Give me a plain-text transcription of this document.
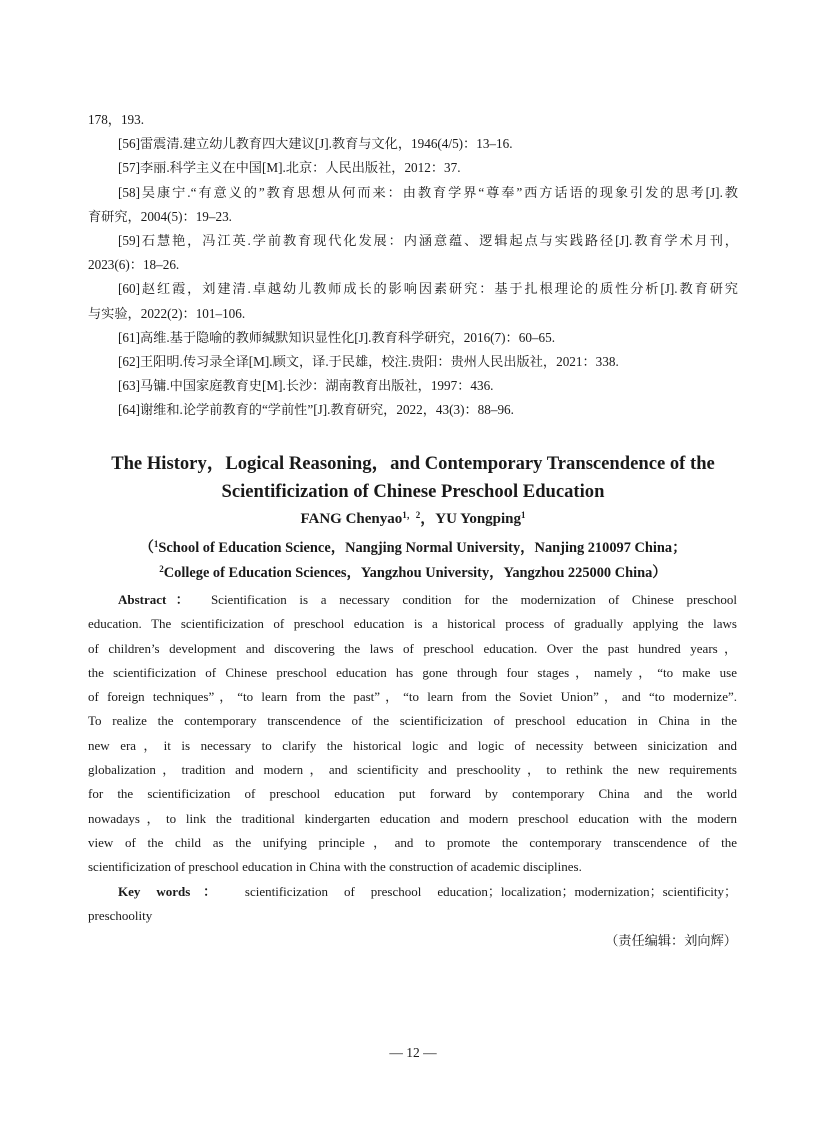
178，193.
[56]雷震清.建立幼儿教育四大建议[J].教育与文化，1946(4/5)：13–16.
[57]李丽.科学主义在中国[M].北京：人民出版社，2012：37.
[58]吴康宁.“有意义的”教育思想从何而来：由教育学界“尊奉”西方话语的现象引发的思考[J].教
育研究，2004(5)：19–23.
[59]石慧艳，冯江英.学前教育现代化发展：内涵意蕴、逻辑起点与实践路径[J].教育学术月刊，
2023(6)：18–26.
[60]赵红霞，刘建清.卓越幼儿教师成长的影响因素研究：基于扎根理论的质性分析[J].教育研究
与实验，2022(2)：101–106.
[61]高维.基于隐喻的教师缄默知识显性化[J].教育科学研究，2016(7)：60–65.
[62]王阳明.传习录全译[M].顾文，译.于民雄，校注.贵阳：贵州人民出版社，2021：338.
[63]马镛.中国家庭教育史[M].长沙：湖南教育出版社，1997：436.
[64]谢维和.论学前教育的“学前性”[J].教育研究，2022，43(3)：88–96.
The History，Logical Reasoning，and Contemporary Transcendence of the
Scientificization of Chinese Preschool Education
FANG Chenyao$^{1,2}$，YU Yongping$^1$
（$^1$School of Education Science，Nangjing Normal University，Nanjing 210097 China；
$^2$College of Education Sciences，Yangzhou University，Yangzhou 225000 China）
Abstract： Scientification is a necessary condition for the modernization of Chinese preschool
education. The scientificization of preschool education is a historical process of gradually applying the laws
of children’s development and discovering the laws of preschool education. Over the past hundred years，
the scientificization of Chinese preschool education has gone through four stages，namely，“to make use
of foreign techniques”，“to learn from the past”，“to learn from the Soviet Union”，and “to modernize”.
To realize the contemporary transcendence of the scientificization of preschool education in China in the
new era，it is necessary to clarify the historical logic and logic of necessity between sinicization and
globalization，tradition and modern，and scientificity and preschoolity，to rethink the new requirements
for the scientificization of preschool education put forward by contemporary China and the world
nowadays，to link the traditional kindergarten education and modern preschool education with the modern
view of the child as the unifying principle，and to promote the contemporary transcendence of the
scientificization of preschool education in China with the construction of academic disciplines.
Key words： scientificization of preschool education；localization；modernization；scientificity；
preschoolity
（责任编辑：刘向辉）
— 12 —
